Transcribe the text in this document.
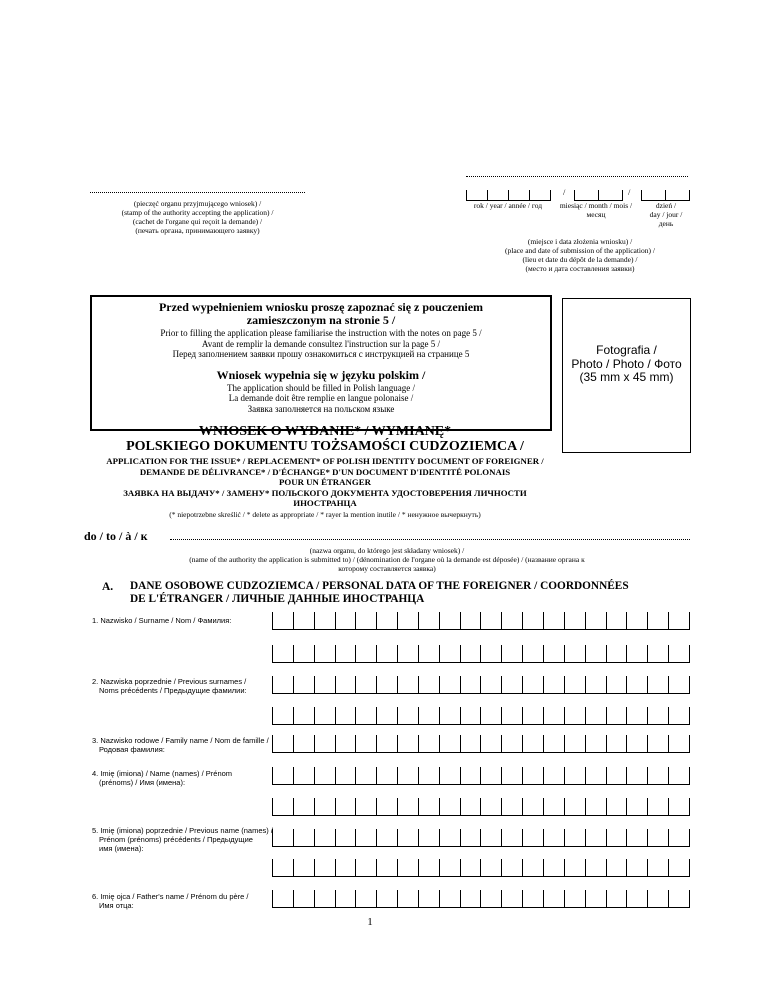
(pieczęć organu przyjmującego wniosek) /
(stamp of the authority accepting the application) /
(cachet de l'organe qui reçoit la demande) /
(печать органа, принимающего заявку)
/	/
rok / year / année / год	miesiąc / month / mois /
месяц
dzień /
day / jour /
день
(miejsce i data złożenia wniosku) /
(place and date of submission of the application) /
(lieu et date du dépôt de la demande) /
(место и дата составления заявки)
Przed wypełnieniem wniosku proszę zapoznać się z pouczeniem
zamieszczonym na stronie 5 /
Prior to filling the application please familiarise the instruction with the notes on page 5 /
Avant de remplir la demande consultez l'instruction sur la page 5 /
Перед заполнением заявки прошу ознакомиться с инструкцией на странице 5
Wniosek wypełnia się w języku polskim /
The application should be filled in Polish language /
La demande doit être remplie en langue polonaise /
Заявка заполняется на польском языке
Fotografia /
Photo / Photo / Фото
(35 mm x 45 mm)
WNIOSEK O WYDANIE* / WYMIANĘ*
POLSKIEGO DOKUMENTU TOŻSAMOŚCI CUDZOZIEMCA /
APPLICATION FOR THE ISSUE* / REPLACEMENT* OF POLISH IDENTITY DOCUMENT OF FOREIGNER /
DEMANDE DE DÉLIVRANCE* / D'ÉCHANGE* D'UN DOCUMENT D'IDENTITÉ POLONAIS
POUR UN ÉTRANGER
ЗАЯВКА НА ВЫДАЧУ* / ЗАМЕНУ* ПОЛЬСКОГО ДОКУМЕНТА УДОСТОВЕРЕНИЯ ЛИЧНОСТИ
ИНОСТРАНЦА
(* niepotrzebne skreślić / * delete as appropriate / * rayer la mention inutile / * ненужное вычеркнуть)
do / to / à / к
(nazwa organu, do którego jest składany wniosek) /
(name of the authority the application is submitted to) / (dénomination de l'organe où la demande est déposée) / (название органа к
которому составляется заявка)
A. DANE OSOBOWE CUDZOZIEMCA / PERSONAL DATA OF THE FOREIGNER / COORDONNÉES
DE L'ÉTRANGER / ЛИЧНЫЕ ДАННЫЕ ИНОСТРАНЦА
1. Nazwisko / Surname / Nom / Фамилия:
2. Nazwiska poprzednie / Previous surnames /
Noms précédents / Предыдущие фамилии:
3. Nazwisko rodowe / Family name / Nom de famille /
Родовая фамилия:
4. Imię (imiona) / Name (names) / Prénom
(prénoms) / Имя (имена):
5. Imię (imiona) poprzednie / Previous name (names) /
Prénom (prénoms) précédents / Предыдущие
имя (имена):
6. Imię ojca / Father's name / Prénom du père /
Имя отца:
1
